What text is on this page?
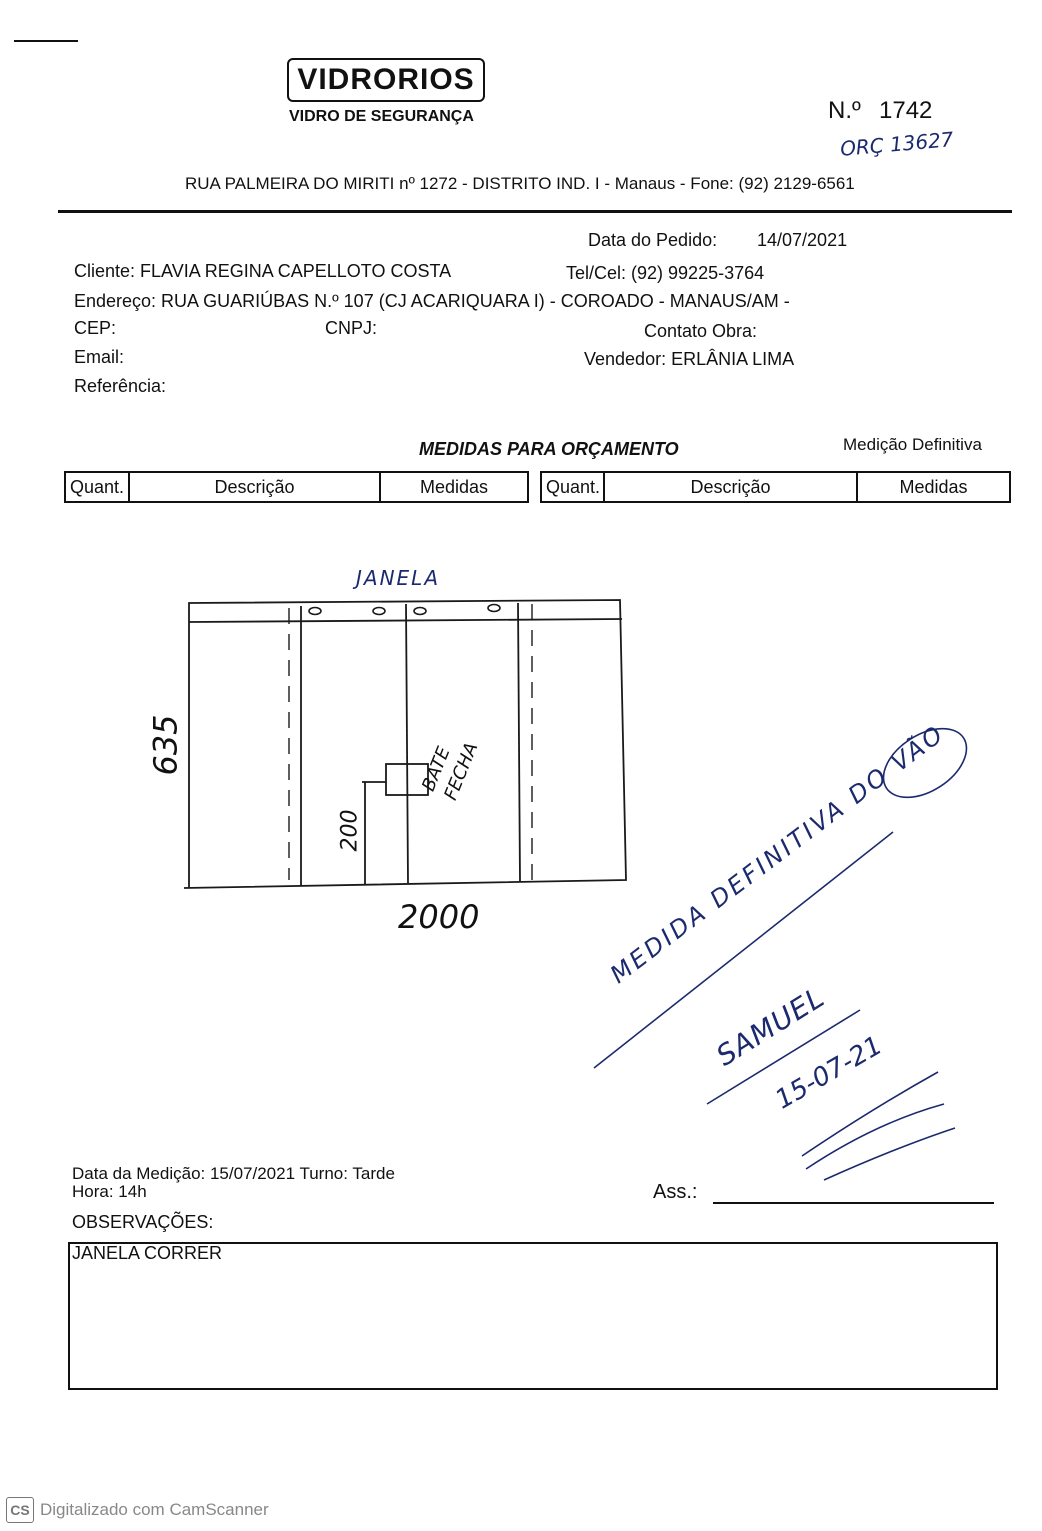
VIDRORIOS
VIDRO DE SEGURANÇA	N.º 1742
ORÇ 13627
RUA PALMEIRA DO MIRITI nº 1272 - DISTRITO IND. I - Manaus - Fone: (92) 2129-6561
Data do Pedido: 14/07/2021
Cliente: FLAVIA REGINA CAPELLOTO COSTA	Tel/Cel: (92) 99225-3764
Endereço: RUA GUARIÚBAS N.º 107 (CJ ACARIQUARA I) - COROADO - MANAUS/AM -
CEP:	CNPJ:	Contato Obra:
Email:	Vendedor: ERLÂNIA LIMA
Referência:
MEDIDAS PARA ORÇAMENTO	Medição Definitiva
Quant.	Descrição	Medidas	Quant.	Descrição	Medidas
JANELA
635
2000
200
BATE FECHA	MEDIDA DEFINITIVA DO VÃO
SAMUEL
15-07-21
Data da Medição: 15/07/2021 Turno: Tarde
Hora: 14h	Ass.:
OBSERVAÇÕES:
JANELA CORRER
CS Digitalizado com CamScanner
